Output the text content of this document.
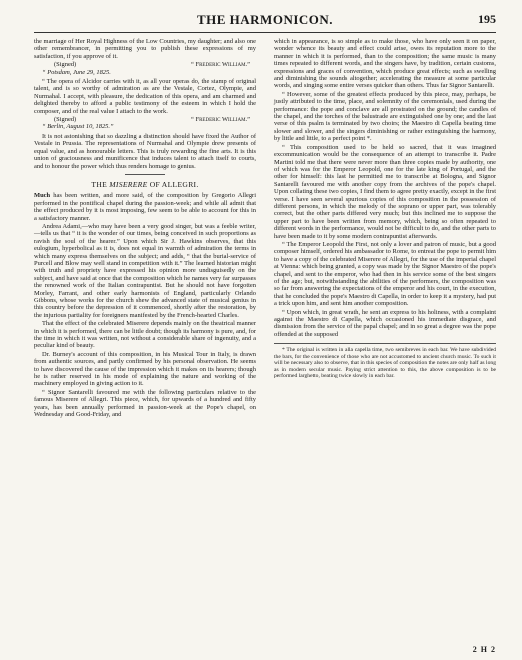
THE HARMONICON.	195

the marriage of Her Royal Highness of the Low Countries, my daughter; and also one other remembrancer, in permitting you to publish these expressions of my satisfaction, if you approve of it.

(Signed)	“ Frederic William.”
“ Potsdam, June 29, 1825.

“ The opera of Alcidor carries with it, as all your operas do, the stamp of original talent, and is so worthy of admiration as are the Vestale, Cortez, Olympie, and Nurmahal. I accept, with pleasure, the dedication of this opera, and am charmed and delighted thereby to afford a public testimony of the esteem in which I hold the composer, and of the real value I attach to the work.

(Signed)	“ Frederic William.”
“ Berlin, August 10, 1825.”

It is not astonishing that so dazzling a distinction should have fixed the Author of Vestale in Prussia. The representations of Nurmahal and Olympie drew presents of equal value, and as honourable letters. This is truly rewarding the fine arts. It is this union of graciousness and munificence that induces talent to attach itself to courts, and to honour the power which thus renders homage to genius.

THE MISERERE OF ALLEGRI.

Much has been written, and more said, of the composition by Gregorio Allegri performed in the pontifical chapel during the passion-week; and while all admit that the effect produced by it is most imposing, few seem to be able to account for this in a satisfactory manner.

Andrea Adami,—who may have been a very good singer, but was a feeble writer,—tells us that “ it is the wonder of our times, being conceived in such proportions as ravish the soul of the hearer.” Upon which Sir J. Hawkins observes, that this eulogium, hyperbolical as it is, does not equal in warmth of admiration the terms in which many express themselves on the subject; and adds, “ that the burial-service of Purcell and Blow may well stand in competition with it.” The learned historian might with truth and propriety have expressed his opinion more undisguisedly on the subject, and have said at once that the composition which he names very far surpasses the renowned work of the Italian contrapuntist. But he should not have forgotten Morley, Farrant, and other early harmonists of England, particularly Orlando Gibbons, whose works for the church shew the advanced state of musical genius in this country before the depression of it commenced, shortly after the restoration, by the injurious partiality for foreigners manifested by the French-hearted Charles.

That the effect of the celebrated Miserere depends mainly on the theatrical manner in which it is performed, there can be little doubt; though its harmony is pure, and, for the time in which it was written, not without a considerable share of ingenuity, and a peculiar kind of beauty.

Dr. Burney's account of this composition, in his Musical Tour in Italy, is drawn from authentic sources, and partly confirmed by his personal observation. He seems to have discovered the cause of the impression which it makes on its hearers; though he is rather reserved in his mode of explaining the nature and working of the machinery employed in giving action to it.

“ Signor Santarelli favoured me with the following particulars relative to the famous Miserere of Allegri. This piece, which, for upwards of a hundred and fifty years, has been annually performed in passion-week at the Pope's chapel, on Wednesday and Good-Friday, and

which in appearance, is so simple as to make those, who have only seen it on paper, wonder whence its beauty and effect could arise, owes its reputation more to the manner in which it is performed, than to the composition; the same music is many times repeated to different words, and the singers have, by tradition, certain customs, expressions and graces of convention, which produce great effects; such as swelling and diminishing the sounds altogether; accelerating the measure at some particular words, and singing some entire verses quicker than others. Thus far Signor Santarelli.

“ However, some of the greatest effects produced by this piece, may, perhaps, be justly attributed to the time, place, and solemnity of the ceremonials, used during the performance: the pope and conclave are all prostrated on the ground; the candles of the chapel, and the torches of the balustrade are extinguished one by one; and the last verse of this psalm is terminated by two choirs; the Maestro di Capella beating time slower and slower, and the singers diminishing or rather extinguishing the harmony, by little and little, to a perfect point *.

“ This composition used to be held so sacred, that it was imagined excommunication would be the consequence of an attempt to transcribe it. Padre Martini told me that there were never more than three copies made by authority, one of which was for the Emperor Leopold, one for the late king of Portugal, and the other for himself: this last he permitted me to transcribe at Bologna, and Signor Santarelli favoured me with another copy from the archives of the pope's chapel. Upon collating these two copies, I find them to agree pretty exactly, except in the first verse. I have seen several spurious copies of this composition in the possession of different persons, in which the melody of the soprano or upper part, was tolerably correct, but the other parts differed very much; but this inclined me to suppose the upper part to have been written from memory, which, being so often repeated to different words in the performance, would not be difficult to do, and the other parts to have been made to it by some modern contrapuntist afterwards.

“ The Emperor Leopold the First, not only a lover and patron of music, but a good composer himself, ordered his ambassador to Rome, to entreat the pope to permit him to have a copy of the celebrated Miserere of Allegri, for the use of the imperial chapel at Vienna: which being granted, a copy was made by the Signor Maestro of the pope's chapel, and sent to the emperor, who had then in his service some of the best singers of the age; but, notwithstanding the abilities of the performers, the composition was so far from answering the expectations of the emperor and his court, in the execution, that he concluded the pope's Maestro di Capella, in order to keep it a mystery, had put a trick upon him, and sent him another composition.

“ Upon which, in great wrath, he sent an express to his holiness, with a complaint against the Maestro di Capella, which occasioned his immediate disgrace, and dismission from the service of the papal chapel; and in so great a degree was the pope offended at the supposed

* The original is written in alla capella time, two semibreves in each bar. We have subdivided the bars, for the convenience of those who are not accustomed to ancient church music. To such it will be necessary also to observe, that in this species of composition the notes are only half as long as in modern secular music. Paying strict attention to this, the above composition is to be performed larghetto, beating twice slowly in each bar.

2 H 2
